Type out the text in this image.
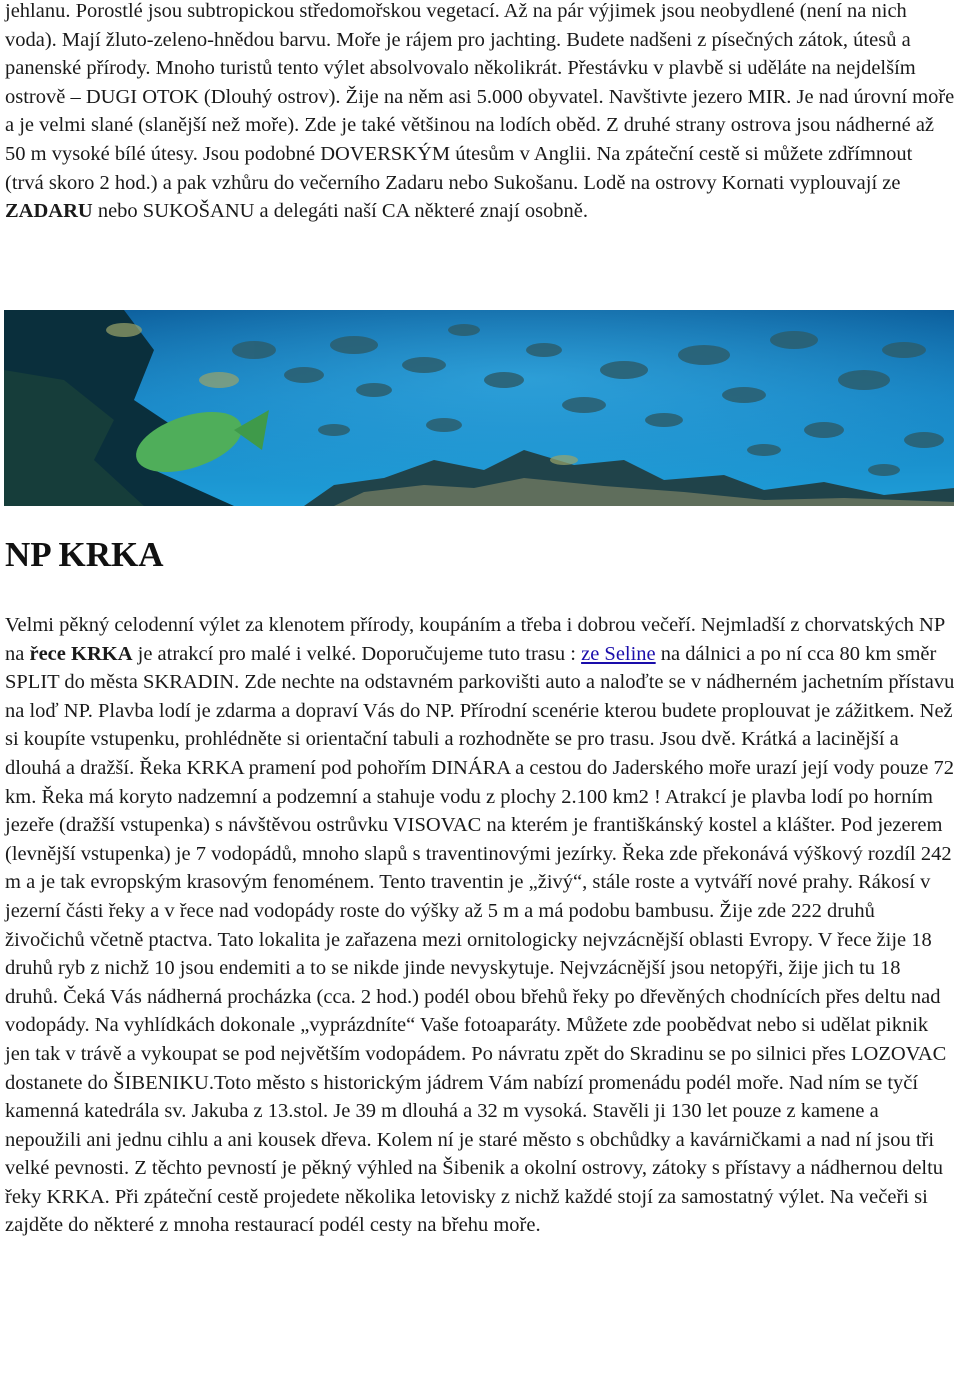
jehlanu. Porostlé jsou subtropickou středomořskou vegetací. Až na pár výjimek jsou neobydlené (není na nich voda). Mají žluto-zeleno-hnědou barvu. Moře je rájem pro jachting. Budete nadšeni z písečných zátok, útesů a panenské přírody. Mnoho turistů tento výlet absolvovalo několikrát. Přestávku v plavbě si uděláte na nejdelším ostrově – DUGI OTOK (Dlouhý ostrov). Žije na něm asi 5.000 obyvatel. Navštivte jezero MIR. Je nad úrovní moře a je velmi slané (slanější než moře). Zde je také většinou na lodích oběd. Z druhé strany ostrova jsou nádherné až 50 m vysoké bílé útesy. Jsou podobné DOVERSKÝM útesům v Anglii. Na zpáteční cestě si můžete zdřímnout (trvá skoro 2 hod.) a pak vzhůru do večerního Zadaru nebo Sukošanu. Lodě na ostrovy Kornati vyplouvají ze ZADARU nebo SUKOŠANU a delegáti naší CA některé znají osobně.

NP KRKA

Velmi pěkný celodenní výlet za klenotem přírody, koupáním a třeba i dobrou večeří. Nejmladší z chorvatských NP na řece KRKA je atrakcí pro malé i velké. Doporučujeme tuto trasu : ze Seline na dálnici a po ní cca 80 km směr SPLIT do města SKRADIN. Zde nechte na odstavném parkovišti auto a naloďte se v nádherném jachetním přístavu na loď NP. Plavba lodí je zdarma a dopraví Vás do NP. Přírodní scenérie kterou budete proplouvat je zážitkem. Než si koupíte vstupenku, prohlédněte si orientační tabuli a rozhodněte se pro trasu. Jsou dvě. Krátká a lacinější a dlouhá a dražší. Řeka KRKA pramení pod pohořím DINÁRA a cestou do Jaderského moře urazí její vody pouze 72 km. Řeka má koryto nadzemní a podzemní a stahuje vodu z plochy 2.100 km2 ! Atrakcí je plavba lodí po horním jezeře (dražší vstupenka) s návštěvou ostrůvku VISOVAC na kterém je františkánský kostel a klášter. Pod jezerem (levnější vstupenka) je 7 vodopádů, mnoho slapů s traventinovými jezírky. Řeka zde překonává výškový rozdíl 242 m a je tak evropským krasovým fenoménem. Tento traventin je „živý“, stále roste a vytváří nové prahy. Rákosí v jezerní části řeky a v řece nad vodopády roste do výšky až 5 m a má podobu bambusu. Žije zde 222 druhů živočichů včetně ptactva. Tato lokalita je zařazena mezi ornitologicky nejvzácnější oblasti Evropy. V řece žije 18 druhů ryb z nichž 10 jsou endemiti a to se nikde jinde nevyskytuje. Nejvzácnější jsou netopýři, žije jich tu 18 druhů. Čeká Vás nádherná procházka (cca. 2 hod.) podél obou břehů řeky po dřevěných chodnících přes deltu nad vodopády. Na vyhlídkách dokonale „vyprázdníte“ Vaše fotoaparáty. Můžete zde poobědvat nebo si udělat piknik jen tak v trávě a vykoupat se pod největším vodopádem. Po návratu zpět do Skradinu se po silnici přes LOZOVAC dostanete do ŠIBENIKU.Toto město s historickým jádrem Vám nabízí promenádu podél moře. Nad ním se tyčí kamenná katedrála sv. Jakuba z 13.stol. Je 39 m dlouhá a 32 m vysoká. Stavěli ji 130 let pouze z kamene a nepoužili ani jednu cihlu a ani kousek dřeva. Kolem ní je staré město s obchůdky a kavárničkami a nad ní jsou tři velké pevnosti. Z těchto pevností je pěkný výhled na Šibenik a okolní ostrovy, zátoky s přístavy a nádhernou deltu řeky KRKA. Při zpáteční cestě projedete několika letovisky z nichž každé stojí za samostatný výlet. Na večeři si zajděte do některé z mnoha restaurací podél cesty na břehu moře.
